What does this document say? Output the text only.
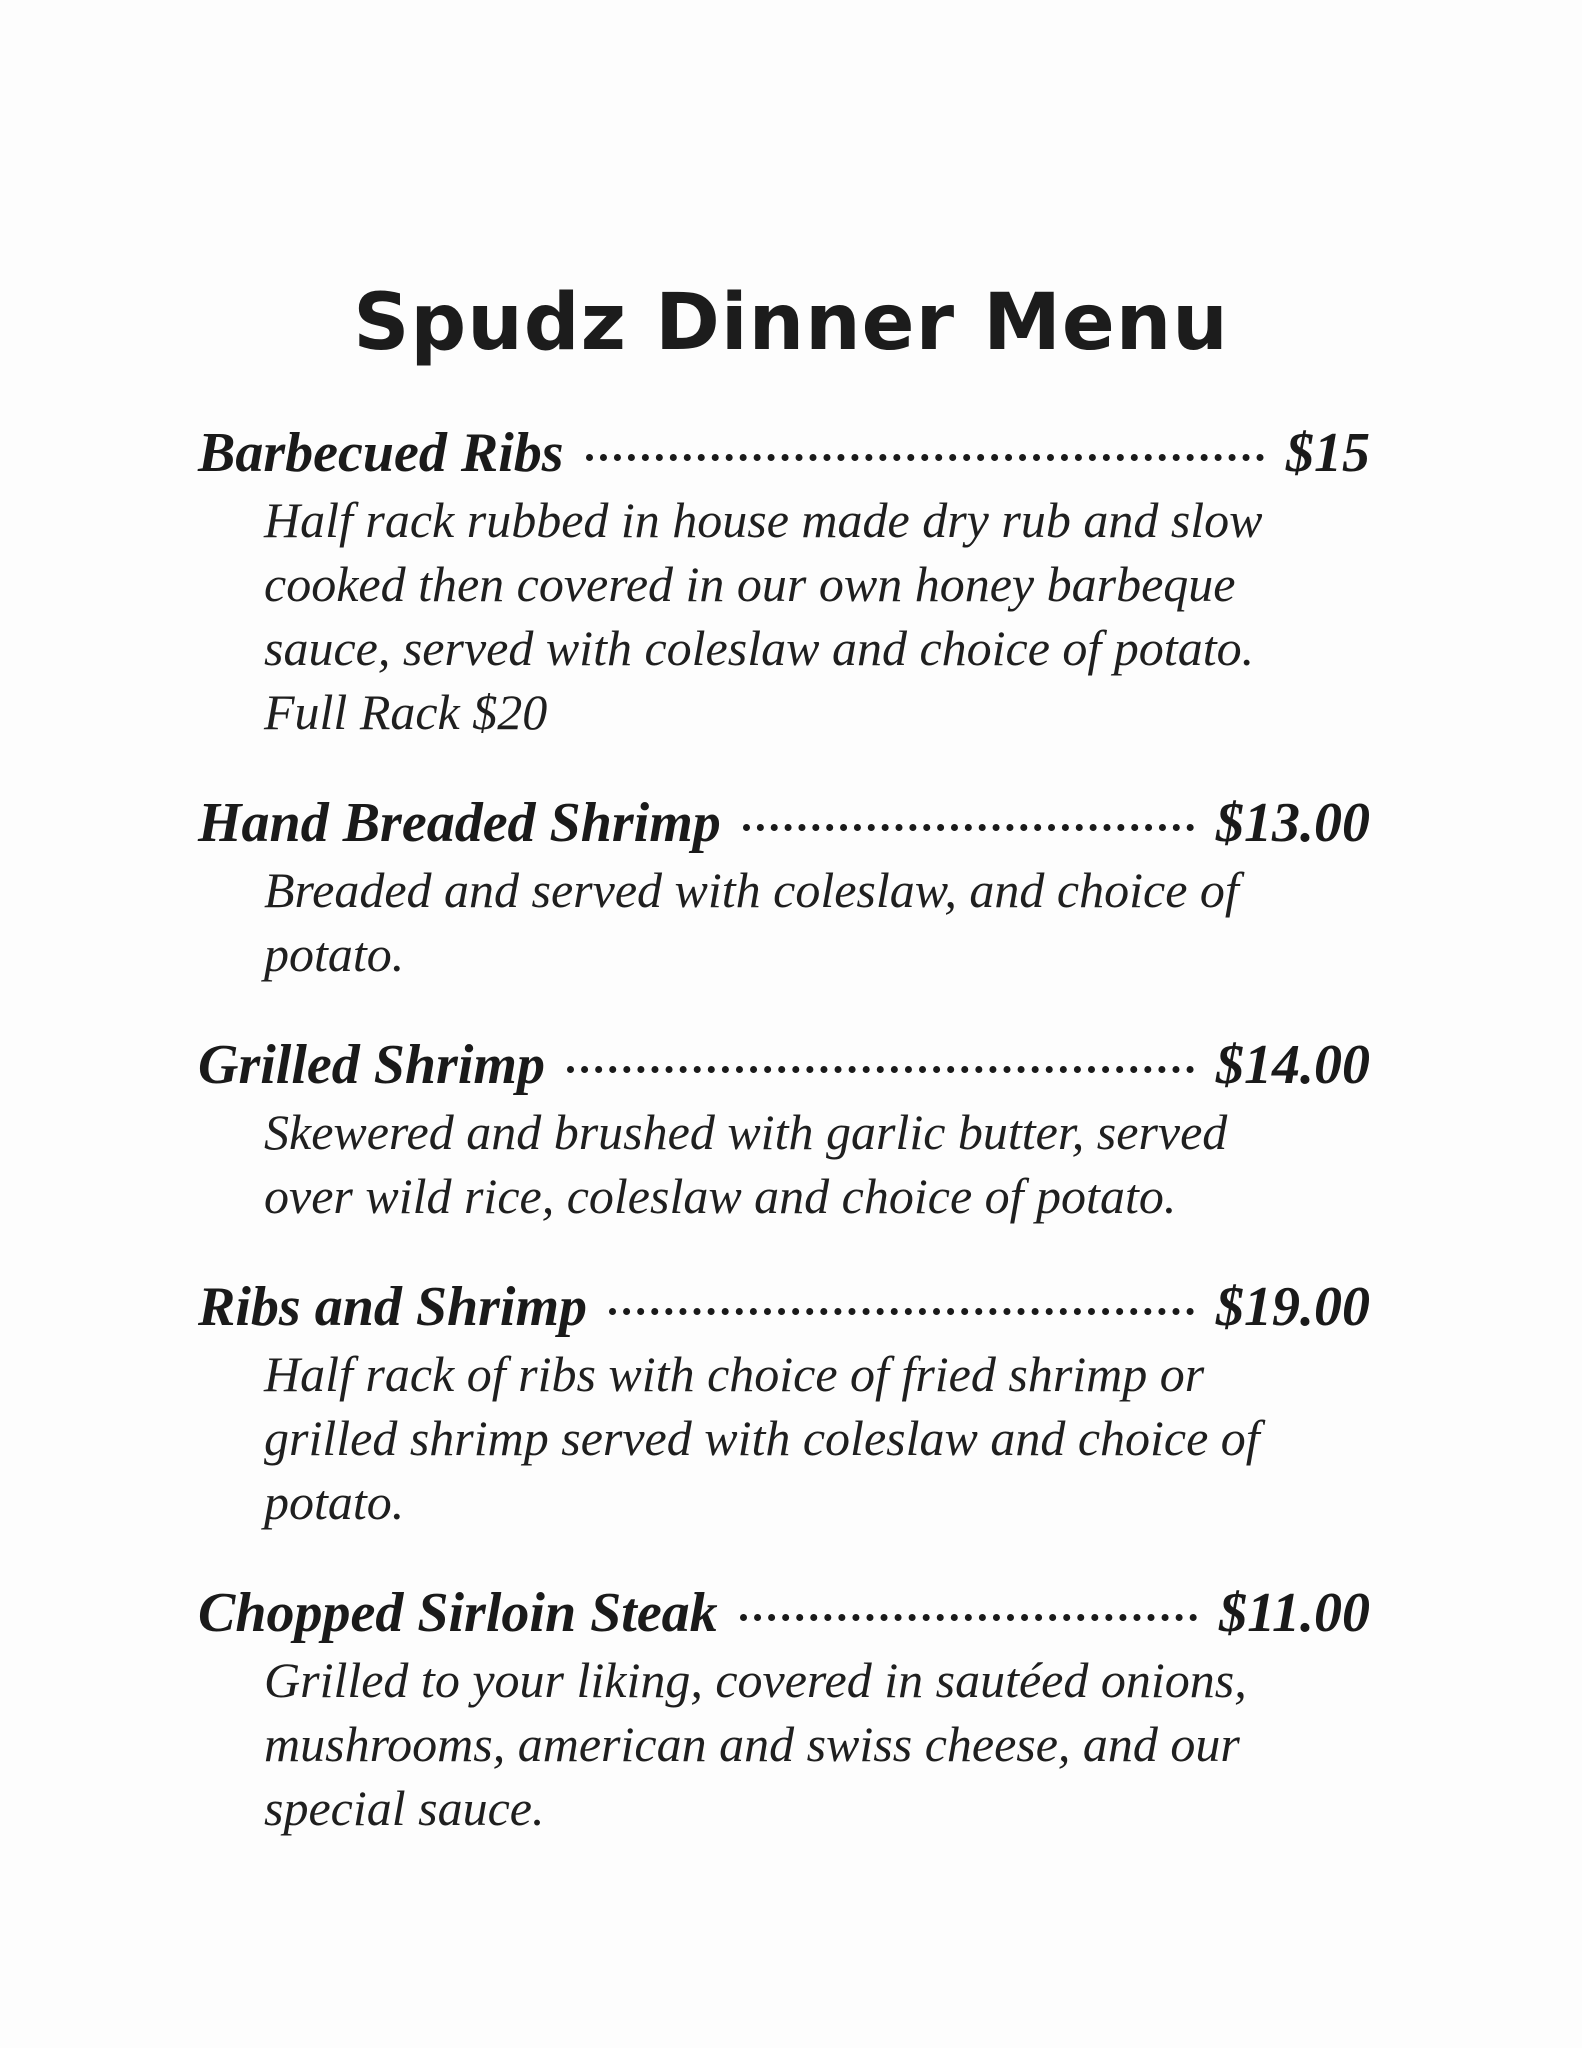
Spudz Dinner Menu
Barbecued Ribs	$15

Half rack rubbed in house made dry rub and slow cooked then covered in our own honey barbeque sauce, served with coleslaw and choice of potato. Full Rack $20

Hand Breaded Shrimp	$13.00

Breaded and served with coleslaw, and choice of potato.

Grilled Shrimp	$14.00

Skewered and brushed with garlic butter, served over wild rice, coleslaw and choice of potato.

Ribs and Shrimp	$19.00

Half rack of ribs with choice of fried shrimp or grilled shrimp served with coleslaw and choice of potato.

Chopped Sirloin Steak	$11.00

Grilled to your liking, covered in sautéed onions, mushrooms, american and swiss cheese, and our special sauce.
